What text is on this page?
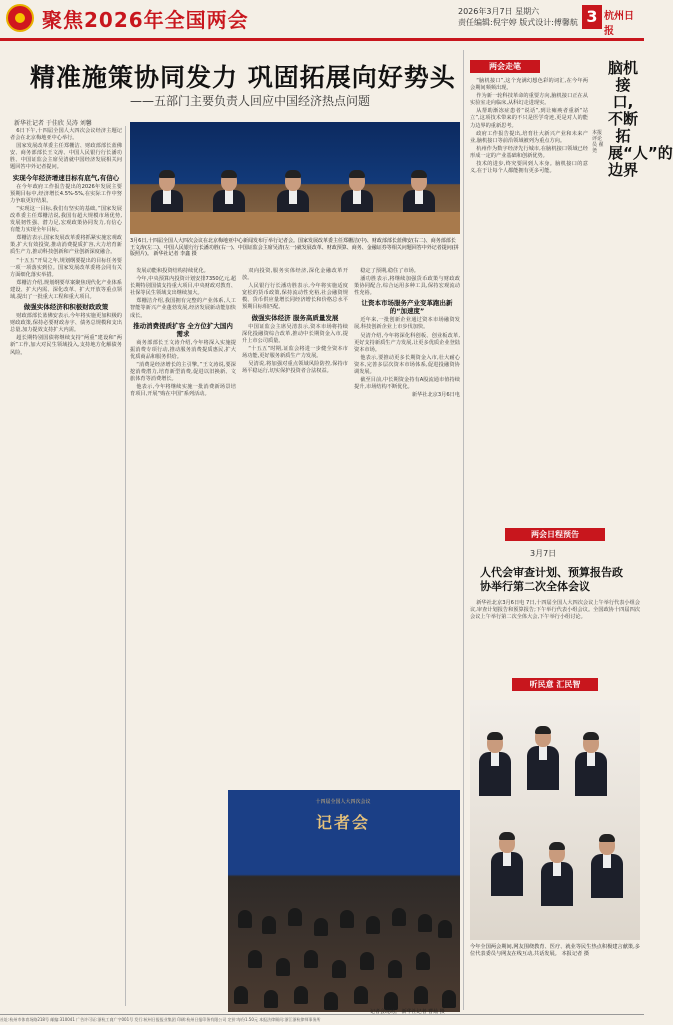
聚焦2026年全国两会	2026年3月7日 星期六
责任编辑:倪宇婷 版式设计:傅馨航 3 杭州日报
精准施策协同发力 巩固拓展向好势头
——五部门主要负责人回应中国经济热点问题
新华社记者 于佳欣 吴涛 刘馨

6日下午,十四届全国人大四次会议经济主题记者会在北京梅地亚中心举行。

国家发展改革委主任郑栅洁、财政部部长蓝佛安、商务部部长王文涛、中国人民银行行长潘功胜、中国证监会主席吴清就中国经济发展相关问题回答中外记者提问。

实现今年经济增速目标有底气,有信心

在今年政府工作报告提出的2026年发展主要预期目标中,经济增长4.5%-5%,在实际工作中努力争取更好结果。

“实现这一目标,我们有坚实的基础。”国家发展改革委主任郑栅洁说,我国有超大规模市场优势,发展韧性强、潜力足,宏观政策协同发力,有信心有能力实现全年目标。

郑栅洁表示,国家发展改革委将抓紧实施宏观政策,扩大有效投资,推动消费提质扩容,大力培育新质生产力,推动科技创新和产业创新深度融合。

“十五五”开局之年,规划纲要提出的目标任务要一项一项落实到位。国家发展改革委将会同有关方面细化落实举措。

郑栅洁介绍,规划纲要草案聚焦现代化产业体系建设、扩大内需、深化改革、扩大开放等重点领域,提出了一批重大工程和重大项目。

做强实体经济和积极财政政策

财政部部长蓝佛安表示,今年将实施更加积极的财政政策,保持必要财政赤字、债务总规模和支出总量,加力提效支持扩大内需。

超长期特别国债将继续支持“两重”建设和“两新”工作,加大对民生领域投入,支持地方化解债务风险。

3月6日,十四届全国人大四次会议在北京梅地亚中心新闻发布厅举行记者会。国家发展改革委主任郑栅洁(中)、财政部部长蓝佛安(右二)、商务部部长王文涛(左二)、中国人民银行行长潘功胜(右一)、中国证监会主席吴清(左一)就发展改革、财政预算、商务、金融证券等相关问题回答中外记者提问(拼版照片)。 新华社记者 李鑫 摄

发展动能和投资结构持续优化。

今年,中央预算内投资计划安排7350亿元,超长期特别国债支持重大项目,中央财政对教育、社保等民生领域支出继续加大。

郑栅洁介绍,我国拥有完整的产业体系,人工智能等新兴产业蓬勃发展,经济发展新动能加快成长。

推动消费提质扩容 全方位扩大国内需求

商务部部长王文涛介绍,今年将深入实施提振消费专项行动,推动服务消费提质惠民,扩大优质商品和服务供给。

“消费是经济增长的主引擎。”王文涛说,要深挖消费潜力,培育新型消费,促进以旧换新、文旅体育等消费增长。

他表示,今年将继续实施一批消费新场景培育项目,开展“购在中国”系列活动。

双向投资,服务实体经济,深化金融改革开放。

人民银行行长潘功胜表示,今年将实施适度宽松的货币政策,保持流动性充裕,社会融资规模、货币供应量增长同经济增长和价格总水平预期目标相匹配。

做强实体经济 服务高质量发展

中国证监会主席吴清表示,资本市场将持续深化投融资综合改革,推动中长期资金入市,提升上市公司质量。

“十五五”时期,证监会将进一步健全资本市场功能,更好服务新质生产力发展。

吴清说,将加强对重点领域风险防控,保持市场平稳运行,切实保护投资者合法权益。

稳定了预期,稳住了市场。

潘功胜表示,将继续加强货币政策与财政政策协同配合,综合运用多种工具,保持宏观流动性充裕。

让资本市场服务产业变革跑出新的“加速度”

近年来,一批创新企业通过资本市场融资发展,科技创新企业上市步伐加快。

吴清介绍,今年将深化科创板、创业板改革,更好支持新质生产力发展,让更多优质企业登陆资本市场。

他表示,要推动更多长期资金入市,壮大耐心资本,完善多层次资本市场体系,促进投融资协调发展。

截至目前,中长期资金持有A股流通市值持续提升,市场结构不断优化。

新华社北京3月6日电

十四届全国人大四次会议
记者会
记者会现场。 新华社记者 曹灿 摄
两会走笔	脑机接口,不断拓展“人”的边界
本报评论员 翟尧

“脑机接口”,这个充满幻想色彩的词汇,在今年两会期间频频出现。

作为新一轮科技革命的重要方向,脑机接口正在从实验室走向临床,从科幻走进现实。

从帮助渐冻症患者“说话”,到让瘫痪者重新“站立”,这项技术带来的不只是医学奇迹,更是对人的能力边界的重新思考。

政府工作报告提出,培育壮大新兴产业和未来产业,脑机接口等前沿领域被列为重点方向。

杭州作为数字经济先行城市,在脑机接口领域已经形成一定的产业基础和创新优势。

技术的进步,终究要回到人本身。脑机接口的意义,在于让每个人都能拥有更多可能。

两会日程预告
3月7日
人代会审查计划、预算报告政协举行第二次全体会议

新华社北京3月6日电 7日,十四届全国人大四次会议上午举行代表小组会议,审查计划报告和预算报告;下午举行代表小组会议。全国政协十四届四次会议上午举行第二次全体大会,下午举行小组讨论。

听民意 汇民智
今年全国两会期间,网友围绕教育、医疗、就业等民生热点积极建言献策,多位代表委员与网友在线互动,共话发展。 本报记者 摄
社址:杭州市体育场路218号 邮编:310041 广告许可证:浙杭工商广字001号 发行:杭州日报报业集团 印刷:杭州日报印务有限公司 定价:每份1.50元 本报法律顾问:浙江浙杭律师事务所
